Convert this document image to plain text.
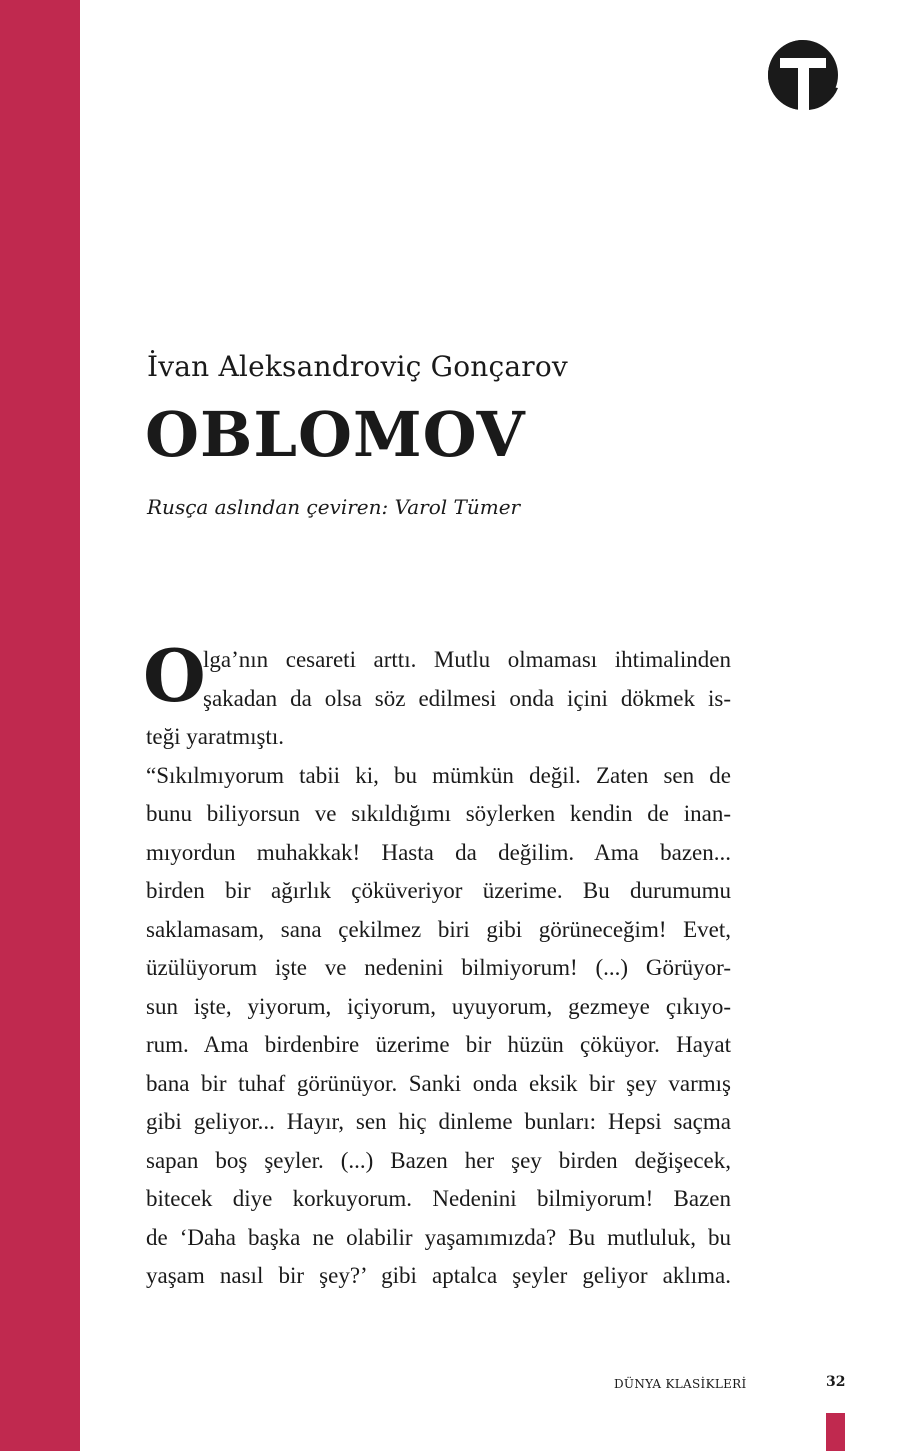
İvan Aleksandroviç Gonçarov
OBLOMOV
Rusça aslından çeviren: Varol Tümer
O
lga’nın cesareti arttı. Mutlu olmaması ihtimalinden
şakadan da olsa söz edilmesi onda içini dökmek is-
teği yaratmıştı.
“Sıkılmıyorum tabii ki, bu mümkün değil. Zaten sen de
bunu biliyorsun ve sıkıldığımı söylerken kendin de inan-
mıyordun muhakkak! Hasta da değilim. Ama bazen...
birden bir ağırlık çöküveriyor üzerime. Bu durumumu
saklamasam, sana çekilmez biri gibi görüneceğim! Evet,
üzülüyorum işte ve nedenini bilmiyorum! (...) Görüyor-
sun işte, yiyorum, içiyorum, uyuyorum, gezmeye çıkıyo-
rum. Ama birdenbire üzerime bir hüzün çöküyor. Hayat
bana bir tuhaf görünüyor. Sanki onda eksik bir şey varmış
gibi geliyor... Hayır, sen hiç dinleme bunları: Hepsi saçma
sapan boş şeyler. (...) Bazen her şey birden değişecek,
bitecek diye korkuyorum. Nedenini bilmiyorum! Bazen
de ‘Daha başka ne olabilir yaşamımızda? Bu mutluluk, bu
yaşam nasıl bir şey?’ gibi aptalca şeyler geliyor aklıma.
DÜNYA KLASİKLERİ	32
